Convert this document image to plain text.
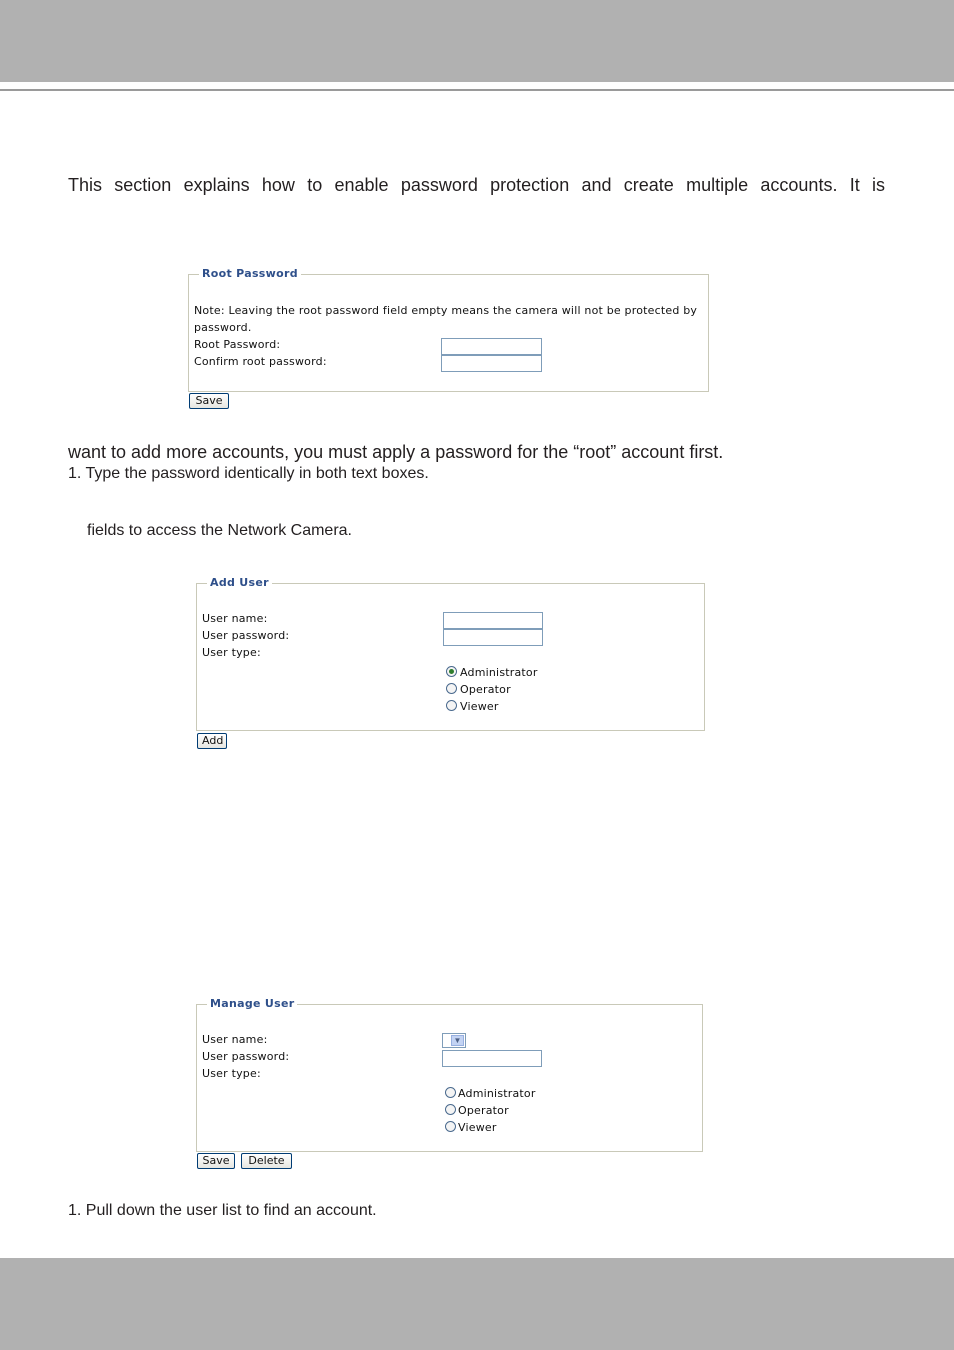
This section explains how to enable password protection and create multiple accounts. It is

Root Password
Note: Leaving the root password field empty means the camera will not be protected by
password.
Root Password:
Confirm root password:
Save

want to add more accounts, you must apply a password for the “root” account first.

1. Type the password identically in both text boxes.

fields to access the Network Camera.

Add User
User name:
User password:
User type:
Administrator
Operator
Viewer
Add
Manage User
User name:
User password:
User type:
▼
Administrator
Operator
Viewer
Save	Delete

1. Pull down the user list to find an account.
